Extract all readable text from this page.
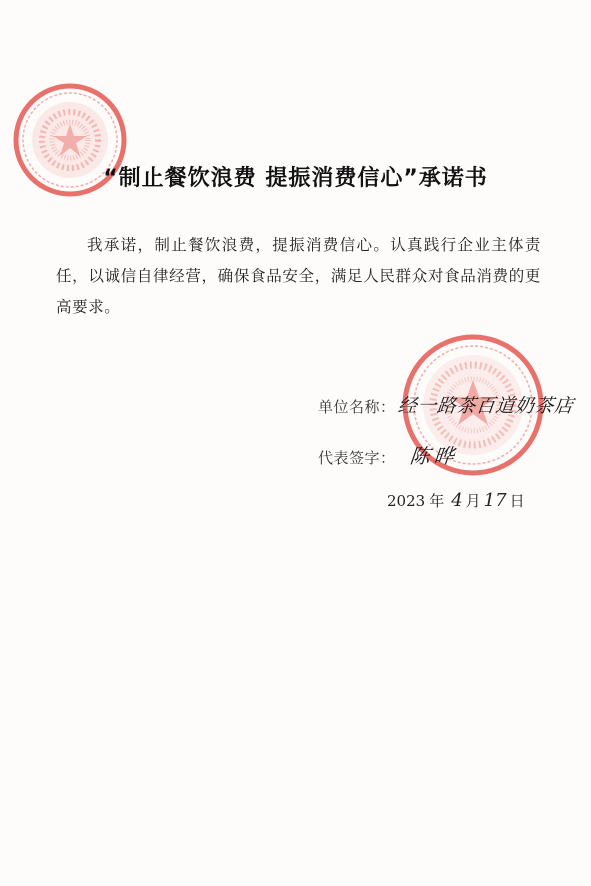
“制止餐饮浪费 提振消费信心”承诺书
我承诺，制止餐饮浪费，提振消费信心。认真践行企业主体责任，以诚信自律经营，确保食品安全，满足人民群众对食品消费的更高要求。
单位名称：经一路茶百道奶茶店
代表签字： 陈晔
2023 年 4 月 17 日
